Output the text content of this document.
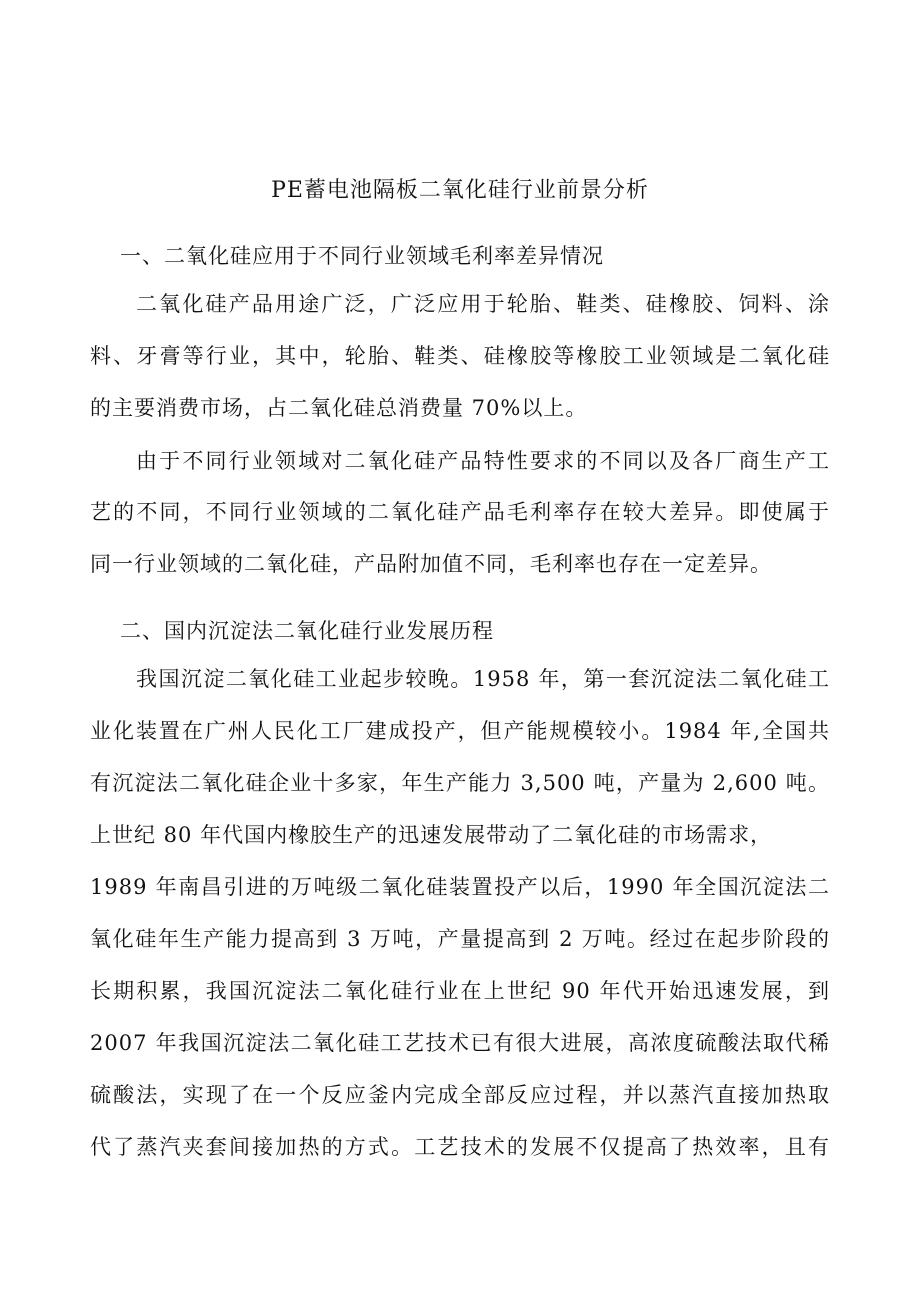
PE蓄电池隔板二氧化硅行业前景分析
一、二氧化硅应用于不同行业领域毛利率差异情况
二氧化硅产品用途广泛，广泛应用于轮胎、鞋类、硅橡胶、饲料、涂
料、牙膏等行业，其中，轮胎、鞋类、硅橡胶等橡胶工业领域是二氧化硅
的主要消费市场，占二氧化硅总消费量 70%以上。
由于不同行业领域对二氧化硅产品特性要求的不同以及各厂商生产工
艺的不同，不同行业领域的二氧化硅产品毛利率存在较大差异。即使属于
同一行业领域的二氧化硅，产品附加值不同，毛利率也存在一定差异。
二、国内沉淀法二氧化硅行业发展历程
我国沉淀二氧化硅工业起步较晚。1958 年，第一套沉淀法二氧化硅工
业化装置在广州人民化工厂建成投产，但产能规模较小。1984 年,全国共
有沉淀法二氧化硅企业十多家，年生产能力 3,500 吨，产量为 2,600 吨。
上世纪 80 年代国内橡胶生产的迅速发展带动了二氧化硅的市场需求，
1989 年南昌引进的万吨级二氧化硅装置投产以后，1990 年全国沉淀法二
氧化硅年生产能力提高到 3 万吨，产量提高到 2 万吨。经过在起步阶段的
长期积累，我国沉淀法二氧化硅行业在上世纪 90 年代开始迅速发展，到
2007 年我国沉淀法二氧化硅工艺技术已有很大进展，高浓度硫酸法取代稀
硫酸法，实现了在一个反应釜内完成全部反应过程，并以蒸汽直接加热取
代了蒸汽夹套间接加热的方式。工艺技术的发展不仅提高了热效率，且有
